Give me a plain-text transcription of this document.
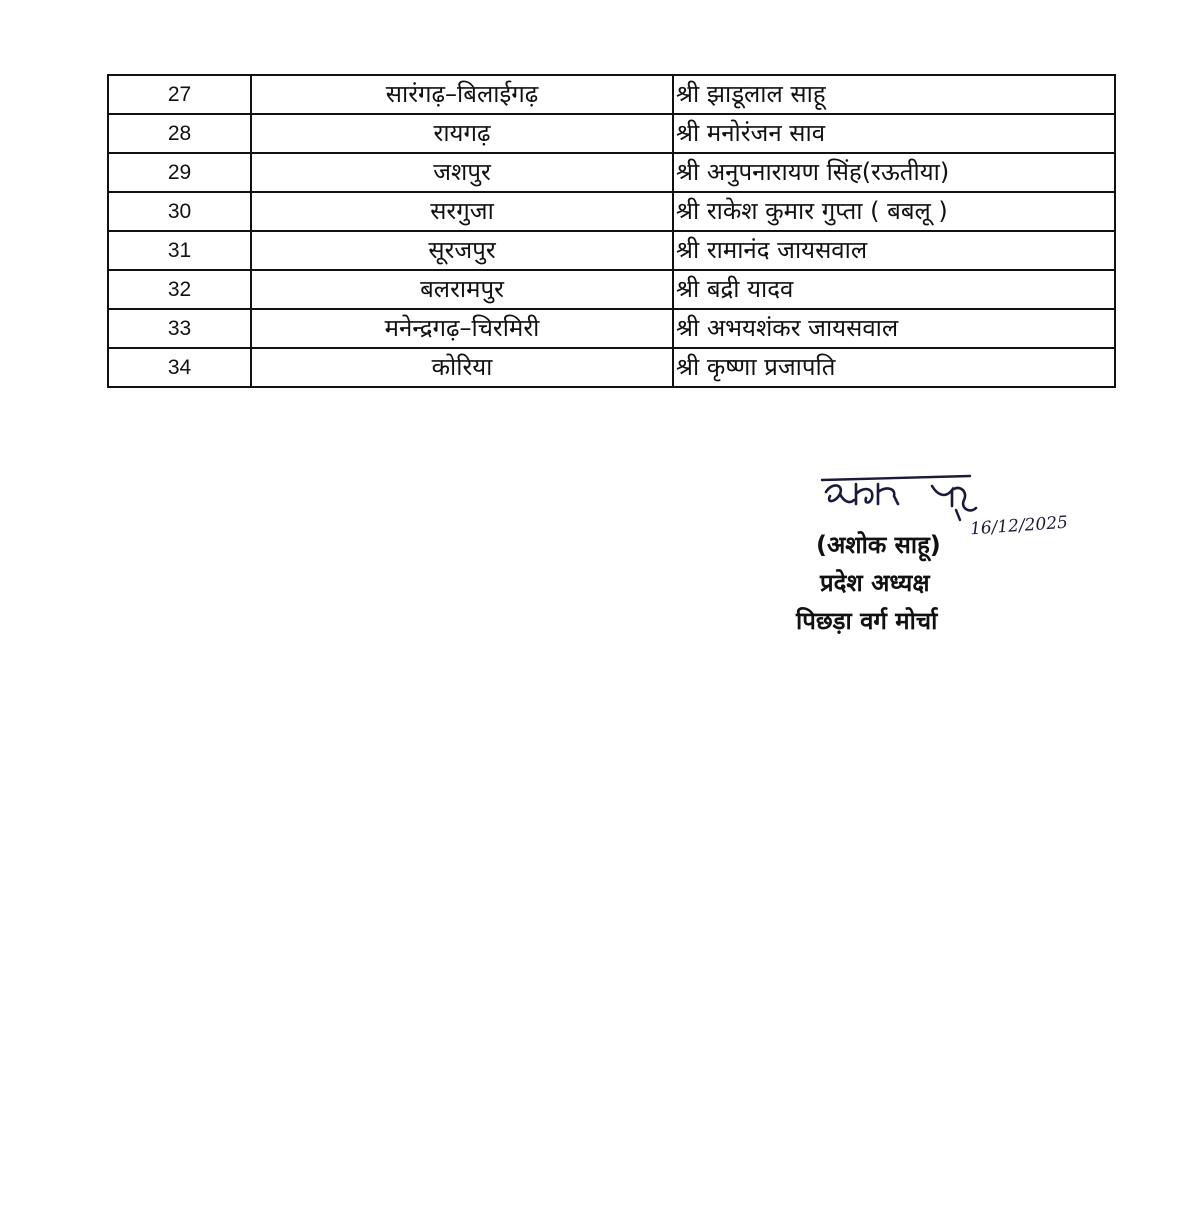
27	सारंगढ़–बिलाईगढ़	श्री झाडूलाल साहू
28	रायगढ़	श्री मनोरंजन साव
29	जशपुर	श्री अनुपनारायण सिंह(रऊतीया)
30	सरगुजा	श्री राकेश कुमार गुप्ता ( बबलू )
31	सूरजपुर	श्री रामानंद जायसवाल
32	बलरामपुर	श्री बद्री यादव
33	मनेन्द्रगढ़–चिरमिरी	श्री अभयशंकर जायसवाल
34	कोरिया	श्री कृष्णा प्रजापति
16/12/2025
(अशोक साहू)
प्रदेश अध्यक्ष
पिछड़ा वर्ग मोर्चा
